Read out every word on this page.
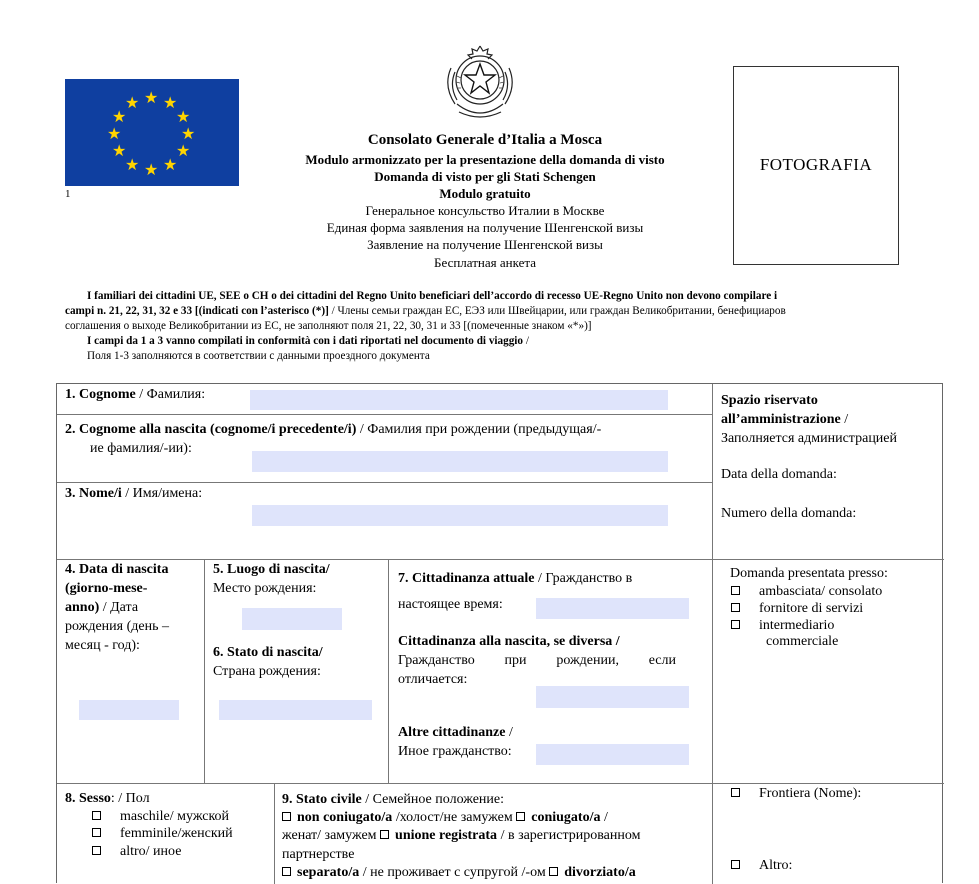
★ ★
★
★
★
★
★
★
★
★
★
★
1
FOTOGRAFIA
Consolato Generale d’Italia a Mosca
Modulo armonizzato per la presentazione della domanda di visto
Domanda di visto per gli Stati Schengen
Modulo gratuito
Генеральное консульство Италии в Москве
Единая форма заявления на получение Шенгенской визы
Заявление на получение Шенгенской визы
Бесплатная анкета
I familiari dei cittadini UE, SEE o CH o dei cittadini del Regno Unito beneficiari dell’accordo di recesso UE-Regno Unito non devono compilare i
campi n. 21, 22, 31, 32 e 33 [(indicati con l’asterisco (*)] / Члены семьи граждан ЕС, ЕЭЗ или Швейцарии, или граждан Великобритании, бенефициаров
соглашения о выходе Великобритании из ЕС, не заполняют поля 21, 22, 30, 31 и 33 [(помеченные знаком «*»)]
I campi da 1 a 3 vanno compilati in conformità con i dati riportati nel documento di viaggio /
Поля 1-3 заполняются в соответствии с данными проездного документа
1. Cognome / Фамилия:
2. Cognome alla nascita (cognome/i precedente/i) / Фамилия при рождении (предыдущая/-
ие фамилия/-ии):
3. Nome/i / Имя/имена:
4. Data di nascita
(giorno-mese-
anno) / Дата
рождения (день –
месяц - год):
5. Luogo di nascita/
Место рождения:
6. Stato di nascita/
Страна рождения:
7. Cittadinanza attuale / Гражданство в
настоящее время:
Cittadinanza alla nascita, se diversa /
Гражданство при рождении, если
отличается:
Altre cittadinanze /
Иное гражданство:
8. Sesso: / Пол
maschile/ мужской
femminile/женский
altro/ иное
9. Stato civile / Семейное положение:
non coniugato/a /холост/не замужем coniugato/a /
женат/ замужем unione registrata / в зарегистрированном
партнерстве
separato/a / не проживает с супругой /-ом divorziato/a
Spazio riservato
all’amministrazione /
Заполняется администрацией
Data della domanda:
Numero della domanda:
Domanda presentata presso:
ambasciata/ consolato
fornitore di servizi
intermediario
commerciale
Frontiera (Nome):
Altro:
